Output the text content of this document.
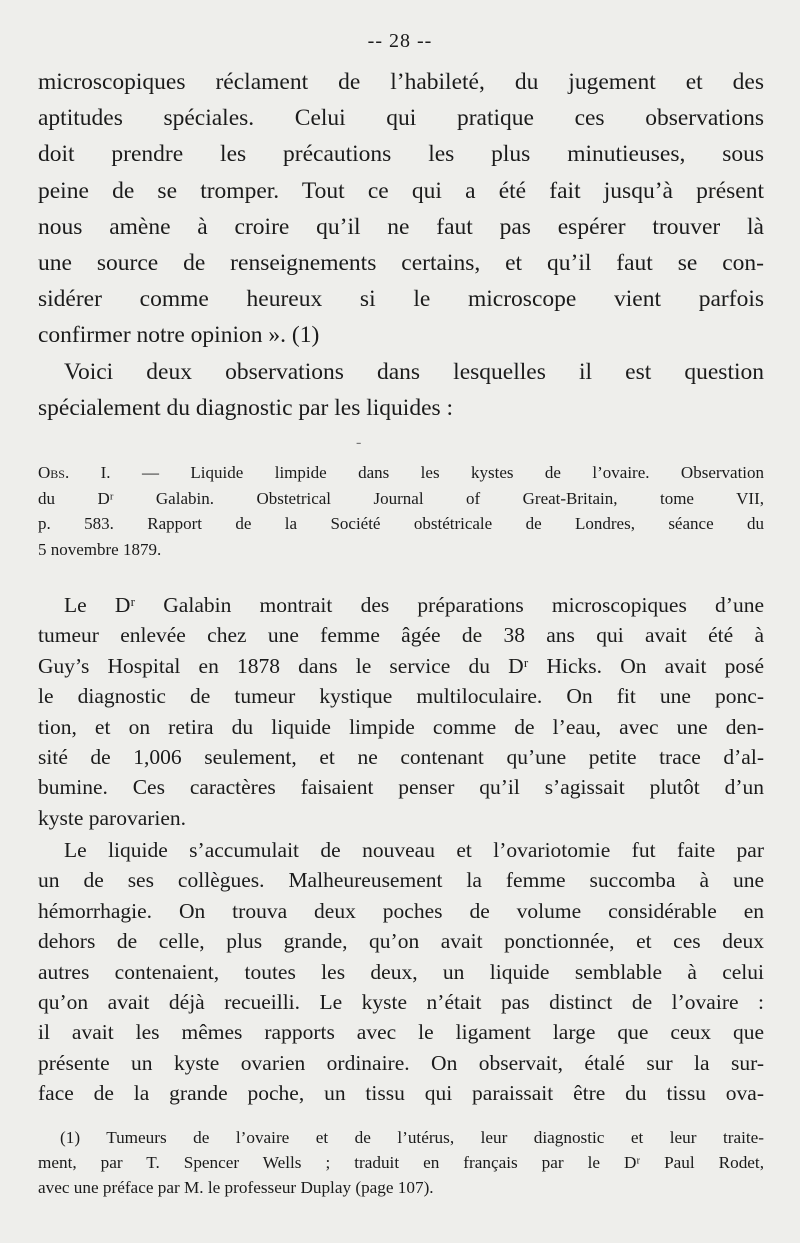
-- 28 --
microscopiques réclament de l’habileté, du jugement et des
aptitudes spéciales. Celui qui pratique ces observations
doit prendre les précautions les plus minutieuses, sous
peine de se tromper. Tout ce qui a été fait jusqu’à présent
nous amène à croire qu’il ne faut pas espérer trouver là
une source de renseignements certains, et qu’il faut se con-
sidérer comme heureux si le microscope vient parfois
confirmer notre opinion ». (1)
Voici deux observations dans lesquelles il est question
spécialement du diagnostic par les liquides :
-
Obs. I. — Liquide limpide dans les kystes de l’ovaire. Observation
du Dʳ Galabin. Obstetrical Journal of Great-Britain, tome VII,
p. 583. Rapport de la Société obstétricale de Londres, séance du
5 novembre 1879.
Le Dʳ Galabin montrait des préparations microscopiques d’une
tumeur enlevée chez une femme âgée de 38 ans qui avait été à
Guy’s Hospital en 1878 dans le service du Dʳ Hicks. On avait posé
le diagnostic de tumeur kystique multiloculaire. On fit une ponc-
tion, et on retira du liquide limpide comme de l’eau, avec une den-
sité de 1,006 seulement, et ne contenant qu’une petite trace d’al-
bumine. Ces caractères faisaient penser qu’il s’agissait plutôt d’un
kyste parovarien.
Le liquide s’accumulait de nouveau et l’ovariotomie fut faite par
un de ses collègues. Malheureusement la femme succomba à une
hémorrhagie. On trouva deux poches de volume considérable en
dehors de celle, plus grande, qu’on avait ponctionnée, et ces deux
autres contenaient, toutes les deux, un liquide semblable à celui
qu’on avait déjà recueilli. Le kyste n’était pas distinct de l’ovaire :
il avait les mêmes rapports avec le ligament large que ceux que
présente un kyste ovarien ordinaire. On observait, étalé sur la sur-
face de la grande poche, un tissu qui paraissait être du tissu ova-
(1) Tumeurs de l’ovaire et de l’utérus, leur diagnostic et leur traite-
ment, par T. Spencer Wells ; traduit en français par le Dʳ Paul Rodet,
avec une préface par M. le professeur Duplay (page 107).
